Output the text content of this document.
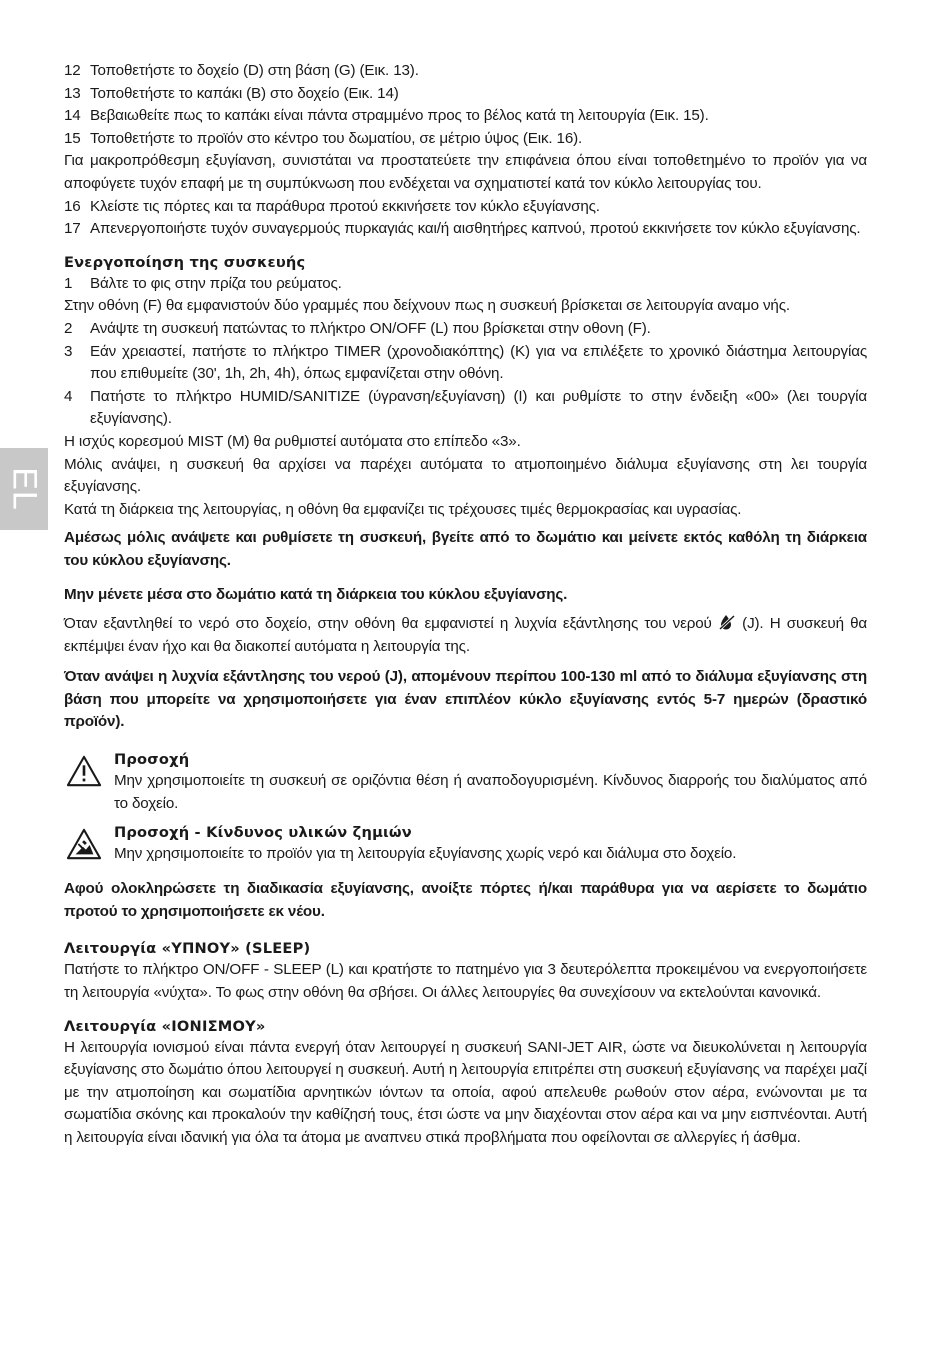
EL
12 Τοποθετήστε το δοχείο (D) στη βάση (G) (Εικ. 13).
13 Τοποθετήστε το καπάκι (B) στο δοχείο (Εικ. 14)
14 Βεβαιωθείτε πως το καπάκι είναι πάντα στραμμένο προς το βέλος κατά τη λειτουργία (Εικ. 15).
15 Τοποθετήστε το προϊόν στο κέντρο του δωματίου, σε μέτριο ύψος (Εικ. 16).

Για μακροπρόθεσμη εξυγίανση, συνιστάται να προστατεύετε την επιφάνεια όπου είναι τοποθετημένο το προϊόν για να αποφύγετε τυχόν επαφή με τη συμπύκνωση που ενδέχεται να σχηματιστεί κατά τον κύκλο λειτουργίας του.

16 Κλείστε τις πόρτες και τα παράθυρα προτού εκκινήσετε τον κύκλο εξυγίανσης.
17 Απενεργοποιήστε τυχόν συναγερμούς πυρκαγιάς και/ή αισθητήρες καπνού, προτού εκκινήσετε τον κύκλο εξυγίανσης.
Ενεργοποίηση της συσκευής
1	Βάλτε το φις στην πρίζα του ρεύματος.

Στην οθόνη (F) θα εμφανιστούν δύο γραμμές που δείχνουν πως η συσκευή βρίσκεται σε λειτουργία αναμο νής.

2	Ανάψτε τη συσκευή πατώντας το πλήκτρο ON/OFF (L) που βρίσκεται στην οθονη (F).
3	Εάν χρειαστεί, πατήστε το πλήκτρο TIMER (χρονοδιακόπτης) (K) για να επιλέξετε το χρονικό διάστημα λειτουργίας που επιθυμείτε (30', 1h, 2h, 4h), όπως εμφανίζεται στην οθόνη.
4	Πατήστε το πλήκτρο HUMID/SANITIZE (ύγρανση/εξυγίανση) (I) και ρυθμίστε το στην ένδειξη «00» (λει τουργία εξυγίανσης).

Η ισχύς κορεσμού MIST (M) θα ρυθμιστεί αυτόματα στο επίπεδο «3».

Μόλις ανάψει, η συσκευή θα αρχίσει να παρέχει αυτόματα το ατμοποιημένο διάλυμα εξυγίανσης στη λει τουργία εξυγίανσης.

Κατά τη διάρκεια της λειτουργίας, η οθόνη θα εμφανίζει τις τρέχουσες τιμές θερμοκρασίας και υγρασίας.

Αμέσως μόλις ανάψετε και ρυθμίσετε τη συσκευή, βγείτε από το δωμάτιο και μείνετε εκτός καθόλη τη διάρκεια του κύκλου εξυγίανσης.

Μην μένετε μέσα στο δωμάτιο κατά τη διάρκεια του κύκλου εξυγίανσης.

Όταν εξαντληθεί το νερό στο δοχείο, στην οθόνη θα εμφανιστεί η λυχνία εξάντλησης του νερού (J). Η συσκευή θα εκπέμψει έναν ήχο και θα διακοπεί αυτόματα η λειτουργία της.

Όταν ανάψει η λυχνία εξάντλησης του νερού (J), απομένουν περίπου 100-130 ml από το διάλυμα εξυγίανσης στη βάση που μπορείτε να χρησιμοποιήσετε για έναν επιπλέον κύκλο εξυγίανσης εντός 5-7 ημερών (δραστικό προϊόν).

Προσοχή

Μην χρησιμοποιείτε τη συσκευή σε οριζόντια θέση ή αναποδογυρισμένη. Κίνδυνος διαρροής του διαλύματος από το δοχείο.

Προσοχή - Κίνδυνος υλικών ζημιών

Μην χρησιμοποιείτε το προϊόν για τη λειτουργία εξυγίανσης χωρίς νερό και διάλυμα στο δοχείο.

Αφού ολοκληρώσετε τη διαδικασία εξυγίανσης, ανοίξτε πόρτες ή/και παράθυρα για να αερίσετε το δωμάτιο προτού το χρησιμοποιήσετε εκ νέου.

Λειτουργία «ΥΠΝΟΥ» (SLEEP)

Πατήστε το πλήκτρο ON/OFF - SLEEP (L) και κρατήστε το πατημένο για 3 δευτερόλεπτα προκειμένου να ενεργοποιήσετε τη λειτουργία «νύχτα». Το φως στην οθόνη θα σβήσει. Οι άλλες λειτουργίες θα συνεχίσουν να εκτελούνται κανονικά.

Λειτουργία «ΙΟΝΙΣΜΟΥ»

Η λειτουργία ιονισμού είναι πάντα ενεργή όταν λειτουργεί η συσκευή SANI-JET AIR, ώστε να διευκολύνεται η λειτουργία εξυγίανσης στο δωμάτιο όπου λειτουργεί η συσκευή. Αυτή η λειτουργία επιτρέπει στη συσκευή εξυγίανσης να παρέχει μαζί με την ατμοποίηση και σωματίδια αρνητικών ιόντων τα οποία, αφού απελευθε ρωθούν στον αέρα, ενώνονται με τα σωματίδια σκόνης και προκαλούν την καθίζησή τους, έτσι ώστε να μην διαχέονται στον αέρα και να μην εισπνέονται. Αυτή η λειτουργία είναι ιδανική για όλα τα άτομα με αναπνευ στικά προβλήματα που οφείλονται σε αλλεργίες ή άσθμα.
